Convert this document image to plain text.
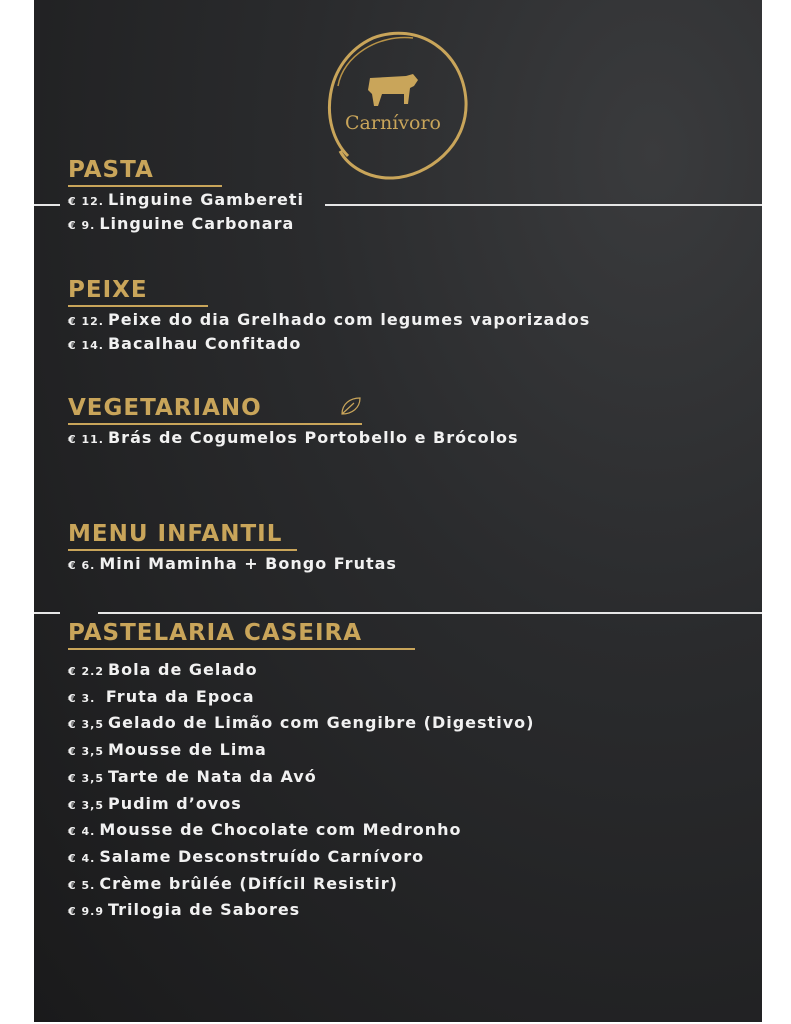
Carnívoro
PASTA
€ 12. Linguine Gambereti
€ 9. Linguine Carbonara
PEIXE
€ 12. Peixe do dia Grelhado com legumes vaporizados
€ 14. Bacalhau Confitado
VEGETARIANO
€ 11. Brás de Cogumelos Portobello e Brócolos
MENU INFANTIL
€ 6. Mini Maminha + Bongo Frutas
PASTELARIA CASEIRA
€ 2.2 Bola de Gelado
€ 3. Fruta da Epoca
€ 3,5 Gelado de Limão com Gengibre (Digestivo)
€ 3,5 Mousse de Lima
€ 3,5 Tarte de Nata da Avó
€ 3,5 Pudim d’ovos
€ 4. Mousse de Chocolate com Medronho
€ 4. Salame Desconstruído Carnívoro
€ 5. Crème brûlée (Difícil Resistir)
€ 9.9 Trilogia de Sabores
